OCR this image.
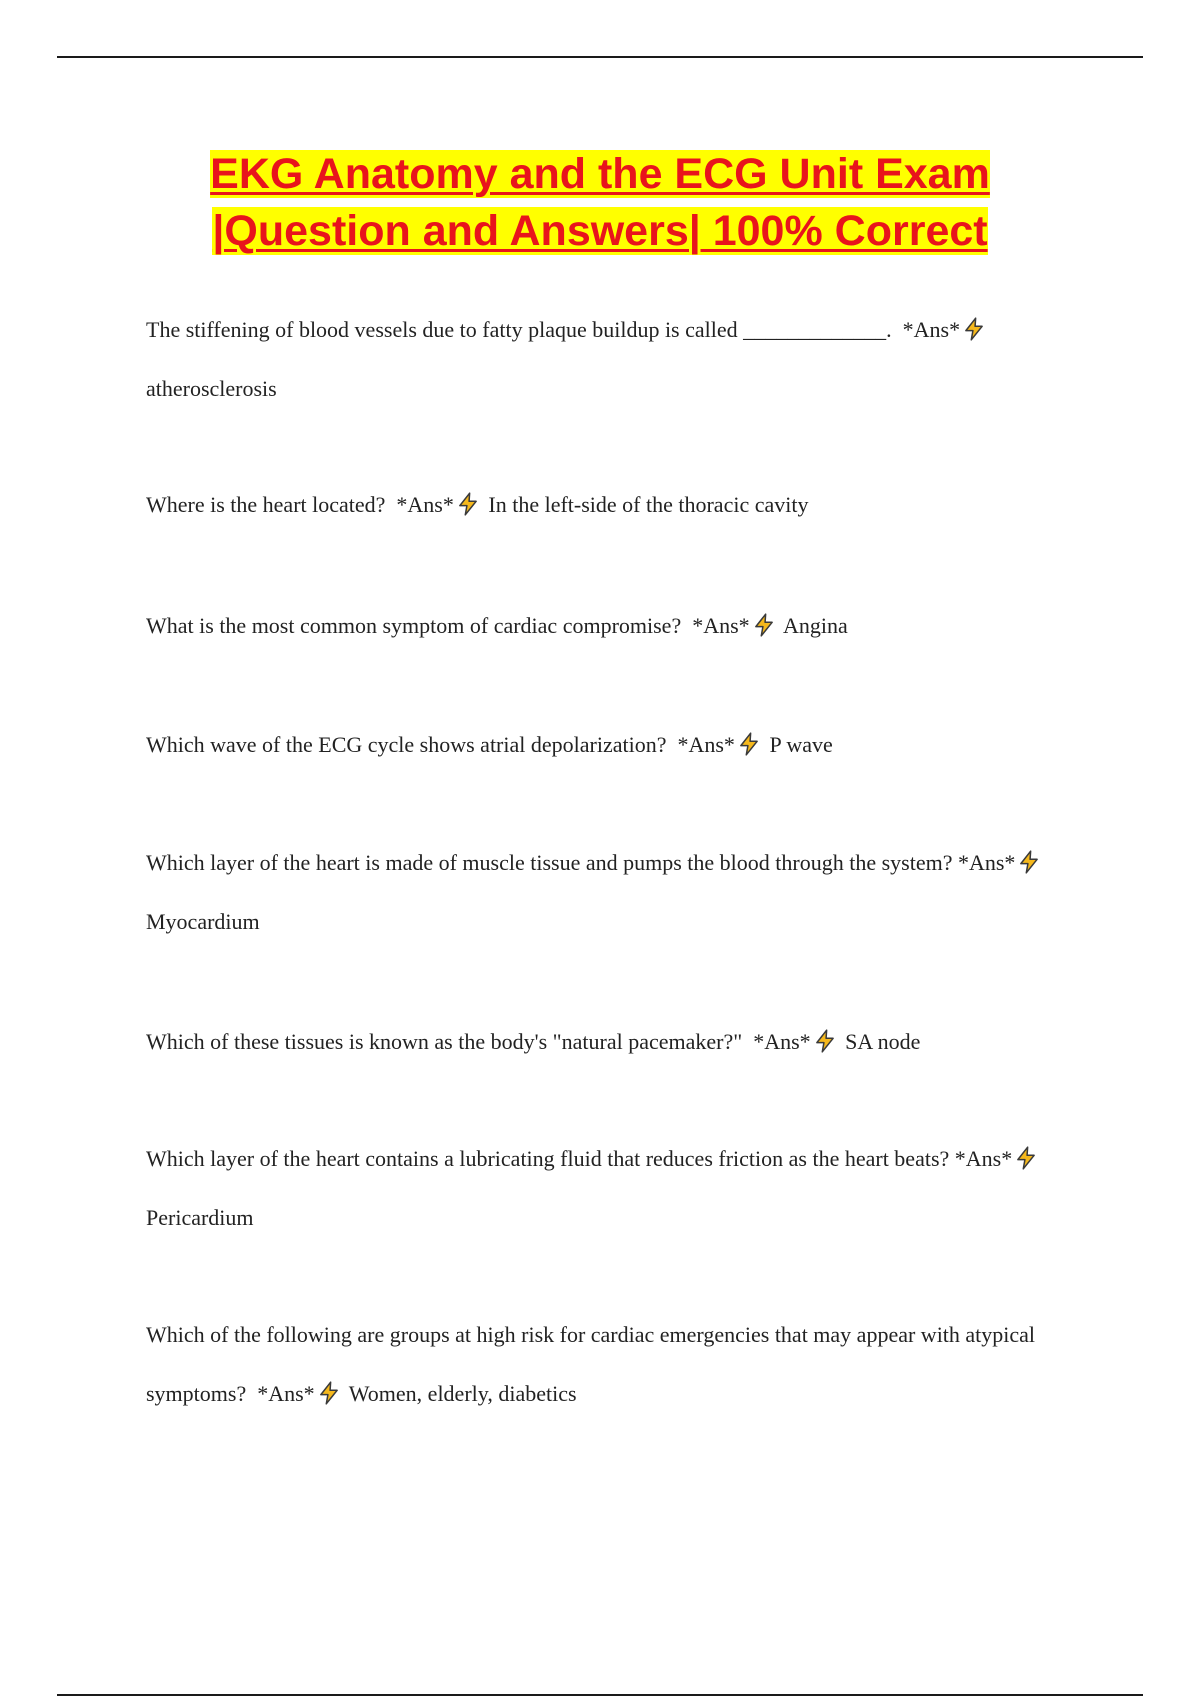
EKG Anatomy and the ECG Unit Exam
|Question and Answers| 100% Correct
The stiffening of blood vessels due to fatty plaque buildup is called _____________. *Ans*
atherosclerosis
Where is the heart located? *Ans* In the left-side of the thoracic cavity
What is the most common symptom of cardiac compromise? *Ans* Angina
Which wave of the ECG cycle shows atrial depolarization? *Ans* P wave
Which layer of the heart is made of muscle tissue and pumps the blood through the system? *Ans*
Myocardium
Which of these tissues is known as the body's "natural pacemaker?" *Ans* SA node
Which layer of the heart contains a lubricating fluid that reduces friction as the heart beats? *Ans*
Pericardium
Which of the following are groups at high risk for cardiac emergencies that may appear with atypical symptoms? *Ans* Women, elderly, diabetics
